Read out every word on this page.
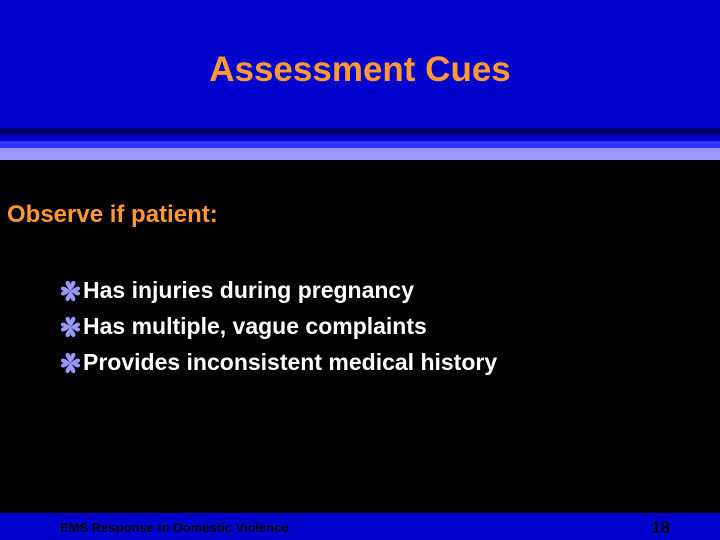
Assessment Cues
Observe if patient:
Has injuries during pregnancy
Has multiple, vague complaints
Provides inconsistent medical history
EMS Response to Domestic Violence	18
